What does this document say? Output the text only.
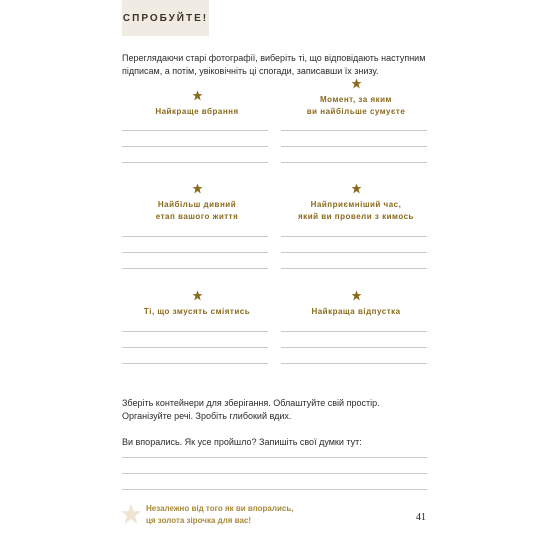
СПРОБУЙТЕ!
Переглядаючи старі фотографії, виберіть ті, що відповідають наступним підписам, а потім, увіковічніть ці спогади, записавши їх знизу.
Найкраще вбрання
Момент, за яким
ви найбільше сумуєте
Найбільш дивний
етап вашого життя
Найприємніший час,
який ви провели з кимось
Ті, що змусять сміятись	Найкраща відпустка
Зберіть контейнери для зберігання. Облаштуйте свій простір. Організуйте речі. Зробіть глибокий вдих.
Ви впорались. Як усе пройшло? Запишіть свої думки тут:
Незалежно від того як ви впорались,
ця золота зірочка для вас!	41
